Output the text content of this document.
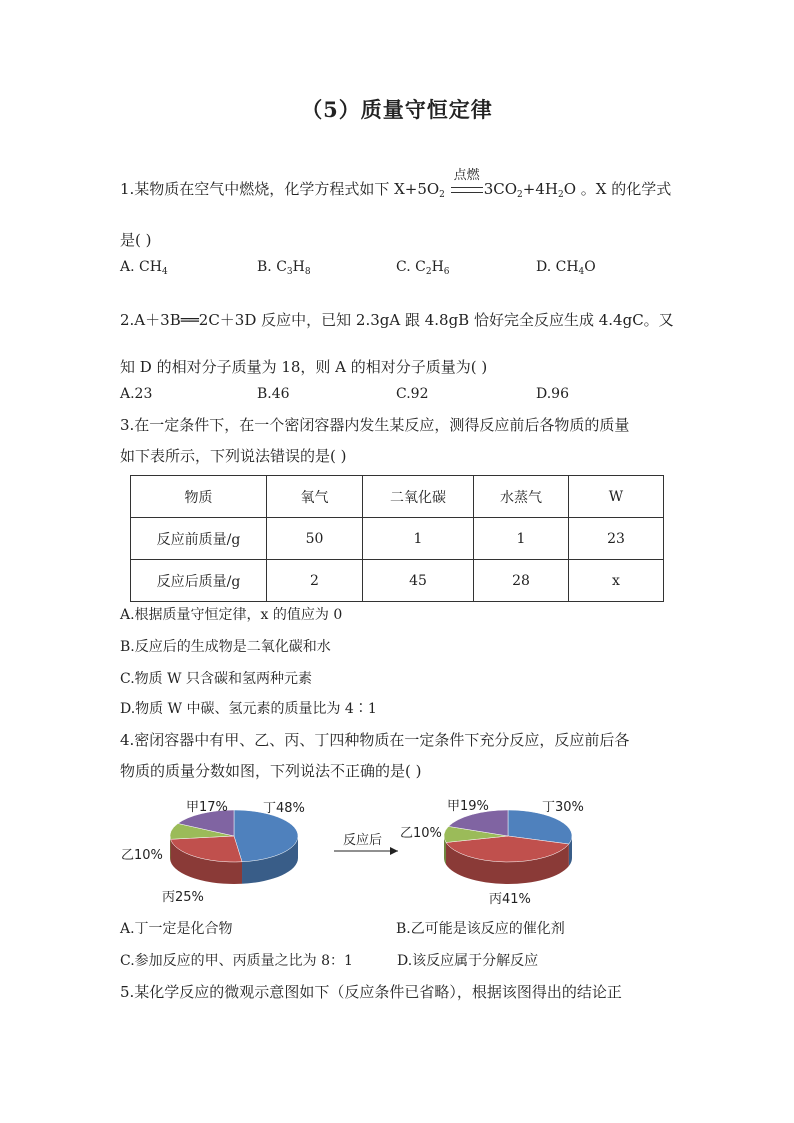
（5）质量守恒定律
1.某物质在空气中燃烧，化学方程式如下 $X+5O_2$
点燃
$3CO_2+4H_2O$ 。X 的化学式
是( )
A. $CH_4$	B. $C_3H_8$	C. $C_2H_6$	D. $CH_4O$
2.A＋3B══2C＋3D 反应中，已知 2.3gA 跟 4.8gB 恰好完全反应生成 4.4gC。又
知 D 的相对分子质量为 18，则 A 的相对分子质量为( )
A.23	B.46	C.92	D.96
3.在一定条件下，在一个密闭容器内发生某反应，测得反应前后各物质的质量
如下表所示，下列说法错误的是( )
物质	氧气	二氧化碳	水蒸气	W
反应前质量/g	50	1	1	23
反应后质量/g	2	45	28	x
A.根据质量守恒定律，x 的值应为 0
B.反应后的生成物是二氧化碳和水
C.物质 W 只含碳和氢两种元素
D.物质 W 中碳、氢元素的质量比为 4∶1
4.密闭容器中有甲、乙、丙、丁四种物质在一定条件下充分反应，反应前后各
物质的质量分数如图，下列说法不正确的是( )
甲17%	丁48%
乙10%
丙25%
反应后
甲19%	丁30%
乙10%
丙41%
A.丁一定是化合物	B.乙可能是该反应的催化剂
C.参加反应的甲、丙质量之比为 8：1	D.该反应属于分解反应
5.某化学反应的微观示意图如下（反应条件已省略），根据该图得出的结论正
